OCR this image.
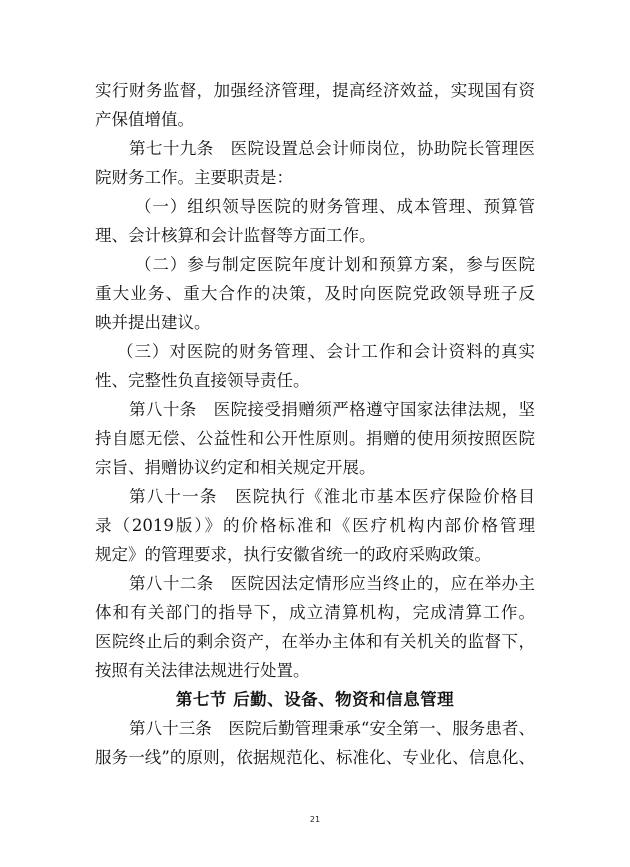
实行财务监督，加强经济管理，提高经济效益，实现国有资
产保值增值。
第七十九条　医院设置总会计师岗位，协助院长管理医
院财务工作。主要职责是：
（一）组织领导医院的财务管理、成本管理、预算管
理、会计核算和会计监督等方面工作。
（二）参与制定医院年度计划和预算方案，参与医院
重大业务、重大合作的决策，及时向医院党政领导班子反
映并提出建议。
（三）对医院的财务管理、会计工作和会计资料的真实
性、完整性负直接领导责任。
第八十条　医院接受捐赠须严格遵守国家法律法规，坚
持自愿无偿、公益性和公开性原则。捐赠的使用须按照医院
宗旨、捐赠协议约定和相关规定开展。
第八十一条　医院执行《淮北市基本医疗保险价格目
录（2019版）》的价格标准和《医疗机构内部价格管理
规定》的管理要求，执行安徽省统一的政府采购政策。
第八十二条　医院因法定情形应当终止的，应在举办主
体和有关部门的指导下，成立清算机构，完成清算工作。
医院终止后的剩余资产，在举办主体和有关机关的监督下，
按照有关法律法规进行处置。
第七节 后勤、设备、物资和信息管理
第八十三条　医院后勤管理秉承“安全第一、服务患者、
服务一线”的原则，依据规范化、标准化、专业化、信息化、
21
